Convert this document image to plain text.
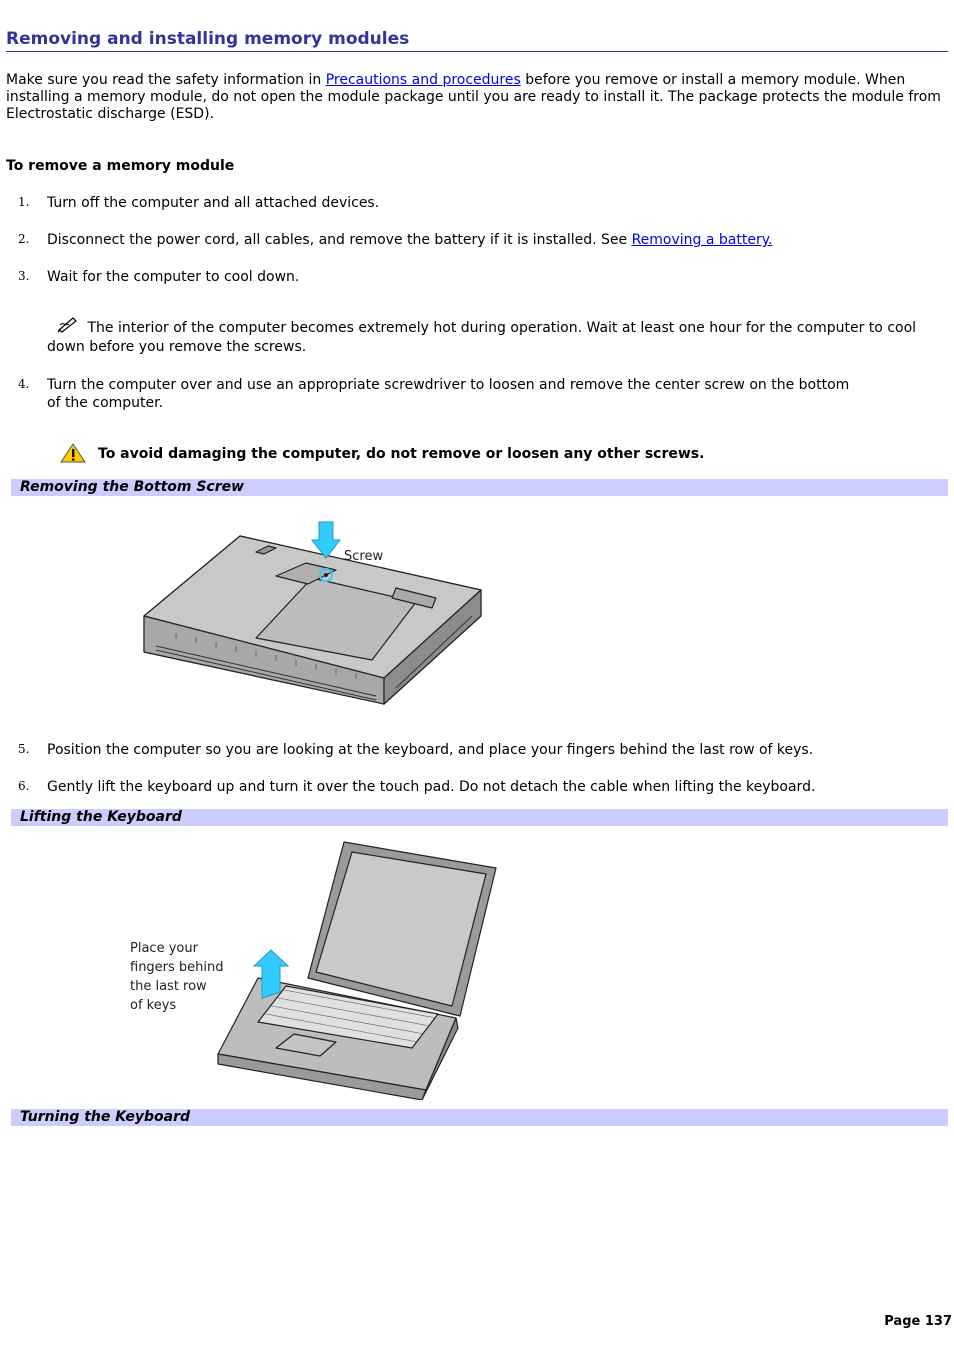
Removing and installing memory modules

Make sure you read the safety information in Precautions and procedures before you remove or install a memory module. When installing a memory module, do not open the module package until you are ready to install it. The package protects the module from Electrostatic discharge (ESD).

To remove a memory module
1. Turn off the computer and all attached devices.

2. Disconnect the power cord, all cables, and remove the battery if it is installed. See Removing a battery.

3. Wait for the computer to cool down.

The interior of the computer becomes extremely hot during operation. Wait at least one hour for the computer to cool down before you remove the screws.

4. Turn the computer over and use an appropriate screwdriver to loosen and remove the center screw on the bottom of the computer.

To avoid damaging the computer, do not remove or loosen any other screws.
Removing the Bottom Screw
Screw
5. Position the computer so you are looking at the keyboard, and place your fingers behind the last row of keys.

6. Gently lift the keyboard up and turn it over the touch pad. Do not detach the cable when lifting the keyboard.

Lifting the Keyboard
Place your fingers behind the last row of keys
Turning the Keyboard
Page 137
